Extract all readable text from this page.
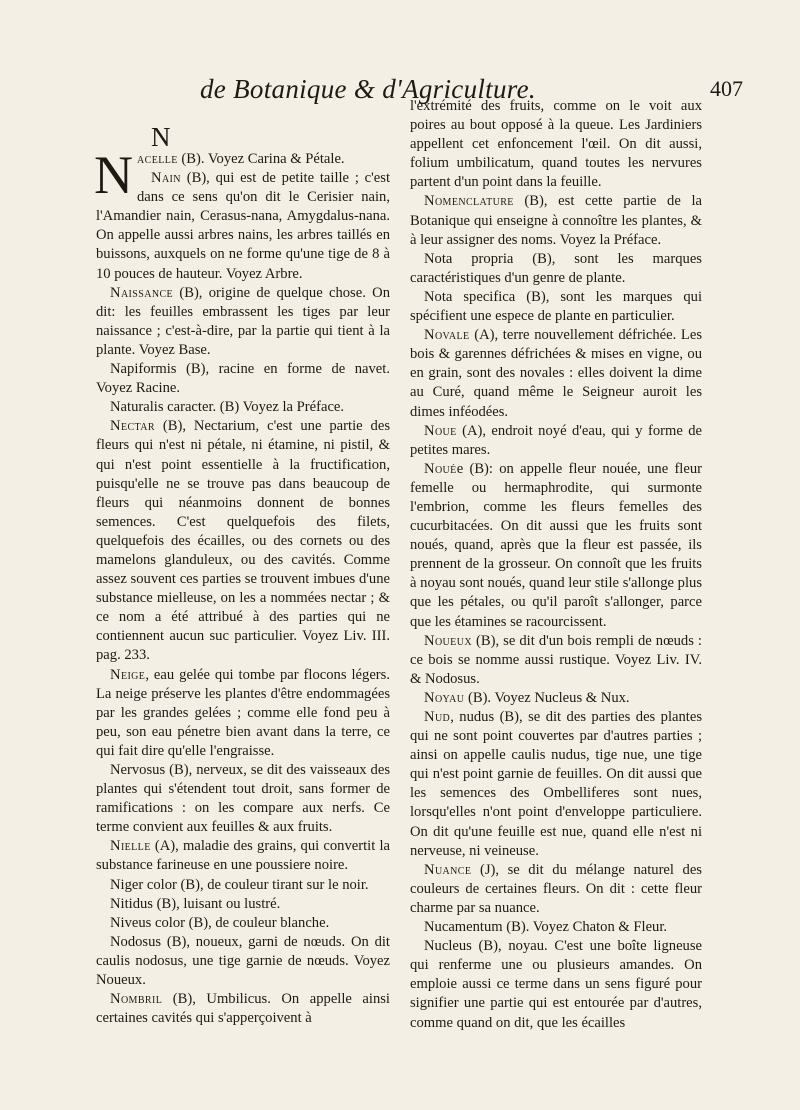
de Botanique & d'Agriculture.	407
N

Nacelle (B). Voyez Carina & Pétale.

Nain (B), qui est de petite taille ; c'est dans ce sens qu'on dit le Cerisier nain, l'Amandier nain, Cerasus-nana, Amygdalus-nana. On appelle aussi arbres nains, les arbres taillés en buissons, auxquels on ne forme qu'une tige de 8 à 10 pouces de hauteur. Voyez Arbre.

Naissance (B), origine de quelque chose. On dit: les feuilles embrassent les tiges par leur naissance ; c'est-à-dire, par la partie qui tient à la plante. Voyez Base.

Napiformis (B), racine en forme de navet. Voyez Racine.

Naturalis caracter. (B) Voyez la Préface.

Nectar (B), Nectarium, c'est une partie des fleurs qui n'est ni pétale, ni étamine, ni pistil, & qui n'est point essentielle à la fructification, puisqu'elle ne se trouve pas dans beaucoup de fleurs qui néanmoins donnent de bonnes semences. C'est quelquefois des filets, quelquefois des écailles, ou des cornets ou des mamelons glanduleux, ou des cavités. Comme assez souvent ces parties se trouvent imbues d'une substance mielleuse, on les a nommées nectar ; & ce nom a été attribué à des parties qui ne contiennent aucun suc particulier. Voyez Liv. III. pag. 233.

Neige, eau gelée qui tombe par flocons légers. La neige préserve les plantes d'être endommagées par les grandes gelées ; comme elle fond peu à peu, son eau pénetre bien avant dans la terre, ce qui fait dire qu'elle l'engraisse.

Nervosus (B), nerveux, se dit des vaisseaux des plantes qui s'étendent tout droit, sans former de ramifications : on les compare aux nerfs. Ce terme convient aux feuilles & aux fruits.

Nielle (A), maladie des grains, qui convertit la substance farineuse en une poussiere noire.

Niger color (B), de couleur tirant sur le noir.

Nitidus (B), luisant ou lustré.

Niveus color (B), de couleur blanche.

Nodosus (B), noueux, garni de nœuds. On dit caulis nodosus, une tige garnie de nœuds. Voyez Noueux.

Nombril (B), Umbilicus. On appelle ainsi certaines cavités qui s'apperçoivent à

l'extrémité des fruits, comme on le voit aux poires au bout opposé à la queue. Les Jardiniers appellent cet enfoncement l'œil. On dit aussi, folium umbilicatum, quand toutes les nervures partent d'un point dans la feuille.

Nomenclature (B), est cette partie de la Botanique qui enseigne à connoître les plantes, & à leur assigner des noms. Voyez la Préface.

Nota propria (B), sont les marques caractéristiques d'un genre de plante.

Nota specifica (B), sont les marques qui spécifient une espece de plante en particulier.

Novale (A), terre nouvellement défrichée. Les bois & garennes défrichées & mises en vigne, ou en grain, sont des novales : elles doivent la dime au Curé, quand même le Seigneur auroit les dimes inféodées.

Noue (A), endroit noyé d'eau, qui y forme de petites mares.

Nouée (B): on appelle fleur nouée, une fleur femelle ou hermaphrodite, qui surmonte l'embrion, comme les fleurs femelles des cucurbitacées. On dit aussi que les fruits sont noués, quand, après que la fleur est passée, ils prennent de la grosseur. On connoît que les fruits à noyau sont noués, quand leur stile s'allonge plus que les pétales, ou qu'il paroît s'allonger, parce que les étamines se racourcissent.

Noueux (B), se dit d'un bois rempli de nœuds : ce bois se nomme aussi rustique. Voyez Liv. IV. & Nodosus.

Noyau (B). Voyez Nucleus & Nux.

Nud, nudus (B), se dit des parties des plantes qui ne sont point couvertes par d'autres parties ; ainsi on appelle caulis nudus, tige nue, une tige qui n'est point garnie de feuilles. On dit aussi que les semences des Ombelliferes sont nues, lorsqu'elles n'ont point d'enveloppe particuliere. On dit qu'une feuille est nue, quand elle n'est ni nerveuse, ni veineuse.

Nuance (J), se dit du mélange naturel des couleurs de certaines fleurs. On dit : cette fleur charme par sa nuance.

Nucamentum (B). Voyez Chaton & Fleur.

Nucleus (B), noyau. C'est une boîte ligneuse qui renferme une ou plusieurs amandes. On emploie aussi ce terme dans un sens figuré pour signifier une partie qui est entourée par d'autres, comme quand on dit, que les écailles
